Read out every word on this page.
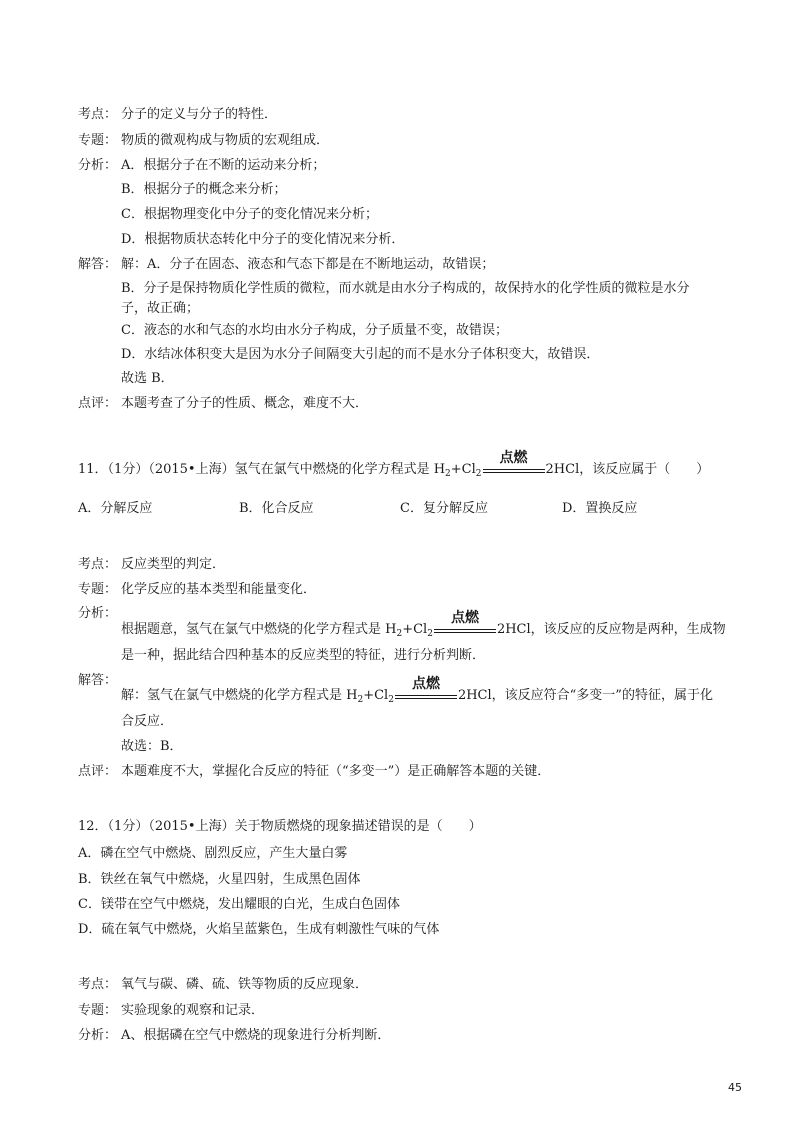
考点： 分子的定义与分子的特性．
专题： 物质的微观构成与物质的宏观组成．
分析： A．根据分子在不断的运动来分析；
B．根据分子的概念来分析；
C．根据物理变化中分子的变化情况来分析；
D．根据物质状态转化中分子的变化情况来分析．
解答： 解：A．分子在固态、液态和气态下都是在不断地运动，故错误；
B．分子是保持物质化学性质的微粒，而水就是由水分子构成的，故保持水的化学性质的微粒是水分
子，故正确；
C．液态的水和气态的水均由水分子构成，分子质量不变，故错误；
D．水结冰体积变大是因为水分子间隔变大引起的而不是水分子体积变大，故错误．
故选 B．
点评： 本题考查了分子的性质、概念，难度不大．
11．（1分）（2015•上海）氢气在氯气中燃烧的化学方程式是 $H_2+Cl_2$
点燃
2HCl，该反应属于（　　）
A．分解反应	B．化合反应	C．复分解反应	D．置换反应
考点： 反应类型的判定．
专题： 化学反应的基本类型和能量变化．
分析：
根据题意，氢气在氯气中燃烧的化学方程式是 $H_2+Cl_2$
点燃
2HCl，该反应的反应物是两种，生成物
是一种，据此结合四种基本的反应类型的特征，进行分析判断．
解答：
解：氢气在氯气中燃烧的化学方程式是 $H_2+Cl_2$
点燃
2HCl，该反应符合“多变一”的特征，属于化
合反应．
故选：B．
点评： 本题难度不大，掌握化合反应的特征（“多变一”）是正确解答本题的关键．
12．（1分）（2015•上海）关于物质燃烧的现象描述错误的是（　　）
A．磷在空气中燃烧、剧烈反应，产生大量白雾
B．铁丝在氧气中燃烧，火星四射，生成黑色固体
C．镁带在空气中燃烧，发出耀眼的白光，生成白色固体
D．硫在氧气中燃烧，火焰呈蓝紫色，生成有刺激性气味的气体
考点： 氧气与碳、磷、硫、铁等物质的反应现象．
专题： 实验现象的观察和记录．
分析： A、根据磷在空气中燃烧的现象进行分析判断．
45
